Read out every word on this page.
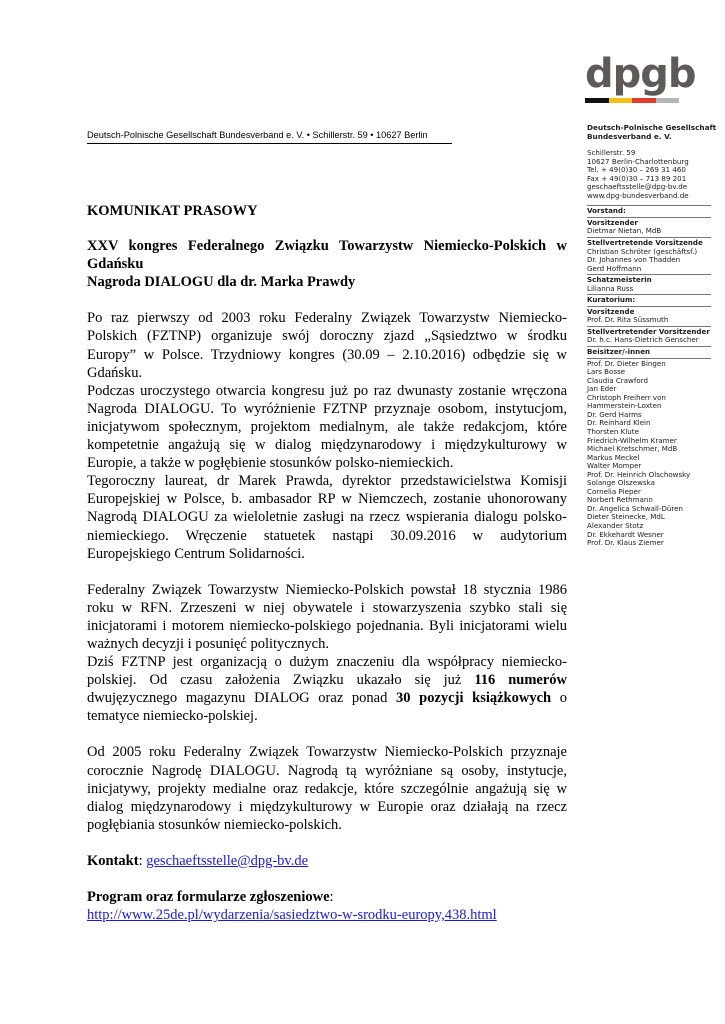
Deutsch-Polnische Gesellschaft Bundesverband e. V. • Schillerstr. 59 • 10627 Berlin
dpgb
Deutsch-Polnische Gesellschaft
Bundesverband e. V.
Schillerstr. 59
10627 Berlin-Charlottenburg
Tel. + 49(0)30 – 269 31 460
Fax + 49(0)30 – 713 89 201
geschaeftsstelle@dpg-bv.de
www.dpg-bundesverband.de
Vorstand:
Vorsitzender
Dietmar Nietan, MdB
Stellvertretende Vorsitzende
Christian Schröter (geschäftsf.)
Dr. Johannes von Thadden
Gerd Hoffmann
Schatzmeisterin
Lilianna Russ
Kuratorium:
Vorsitzende
Prof. Dr. Rita Süssmuth
Stellvertretender Vorsitzender
Dr. h.c. Hans-Dietrich Genscher
Beisitzer/-innen
Prof. Dr. Dieter Bingen
Lars Bosse
Claudia Crawford
Jan Eder
Christoph Freiherr von
Hammerstein-Loxten
Dr. Gerd Harms
Dr. Reinhard Klein
Thorsten Klute
Friedrich-Wilhelm Kramer
Michael Kretschmer, MdB
Markus Meckel
Walter Momper
Prof. Dr. Heinrich Olschowsky
Solange Olszewska
Cornelia Pieper
Norbert Rethmann
Dr. Angelica Schwall-Düren
Dieter Steinecke, MdL
Alexander Stotz
Dr. Ekkehardt Wesner
Prof. Dr. Klaus Ziemer

KOMUNIKAT PRASOWY

XXV kongres Federalnego Związku Towarzystw Niemiecko-Polskich w Gdańsku

Nagroda DIALOGU dla dr. Marka Prawdy

Po raz pierwszy od 2003 roku Federalny Związek Towarzystw Niemiecko-Polskich (FZTNP) organizuje swój doroczny zjazd „Sąsiedztwo w środku Europy” w Polsce. Trzydniowy kongres (30.09 – 2.10.2016) odbędzie się w Gdańsku.

Podczas uroczystego otwarcia kongresu już po raz dwunasty zostanie wręczona Nagroda DIALOGU. To wyróżnienie FZTNP przyznaje osobom, instytucjom, inicjatywom społecznym, projektom medialnym, ale także redakcjom, które kompetetnie angażują się w dialog międzynarodowy i międzykulturowy w Europie, a także w pogłębienie stosunków polsko-niemieckich.

Tegoroczny laureat, dr Marek Prawda, dyrektor przedstawicielstwa Komisji Europejskiej w Polsce, b. ambasador RP w Niemczech, zostanie uhonorowany Nagrodą DIALOGU za wieloletnie zasługi na rzecz wspierania dialogu polsko-niemieckiego. Wręczenie statuetek nastąpi 30.09.2016 w audytorium Europejskiego Centrum Solidarności.

Federalny Związek Towarzystw Niemiecko-Polskich powstał 18 stycznia 1986 roku w RFN. Zrzeszeni w niej obywatele i stowarzyszenia szybko stali się inicjatorami i motorem niemiecko-polskiego pojednania. Byli inicjatorami wielu ważnych decyzji i posunięć politycznych.

Dziś FZTNP jest organizacją o dużym znaczeniu dla współpracy niemiecko-polskiej. Od czasu założenia Związku ukazało się już 116 numerów dwujęzycznego magazynu DIALOG oraz ponad 30 pozycji książkowych o tematyce niemiecko-polskiej.

Od 2005 roku Federalny Związek Towarzystw Niemiecko-Polskich przyznaje corocznie Nagrodę DIALOGU. Nagrodą tą wyróżniane są osoby, instytucje, inicjatywy, projekty medialne oraz redakcje, które szczególnie angażują się w dialog międzynarodowy i międzykulturowy w Europie oraz działają na rzecz pogłębiania stosunków niemiecko-polskich.

Kontakt: geschaeftsstelle@dpg-bv.de

Program oraz formularze zgłoszeniowe: http://www.25de.pl/wydarzenia/sasiedztwo-w-srodku-europy,438.html
